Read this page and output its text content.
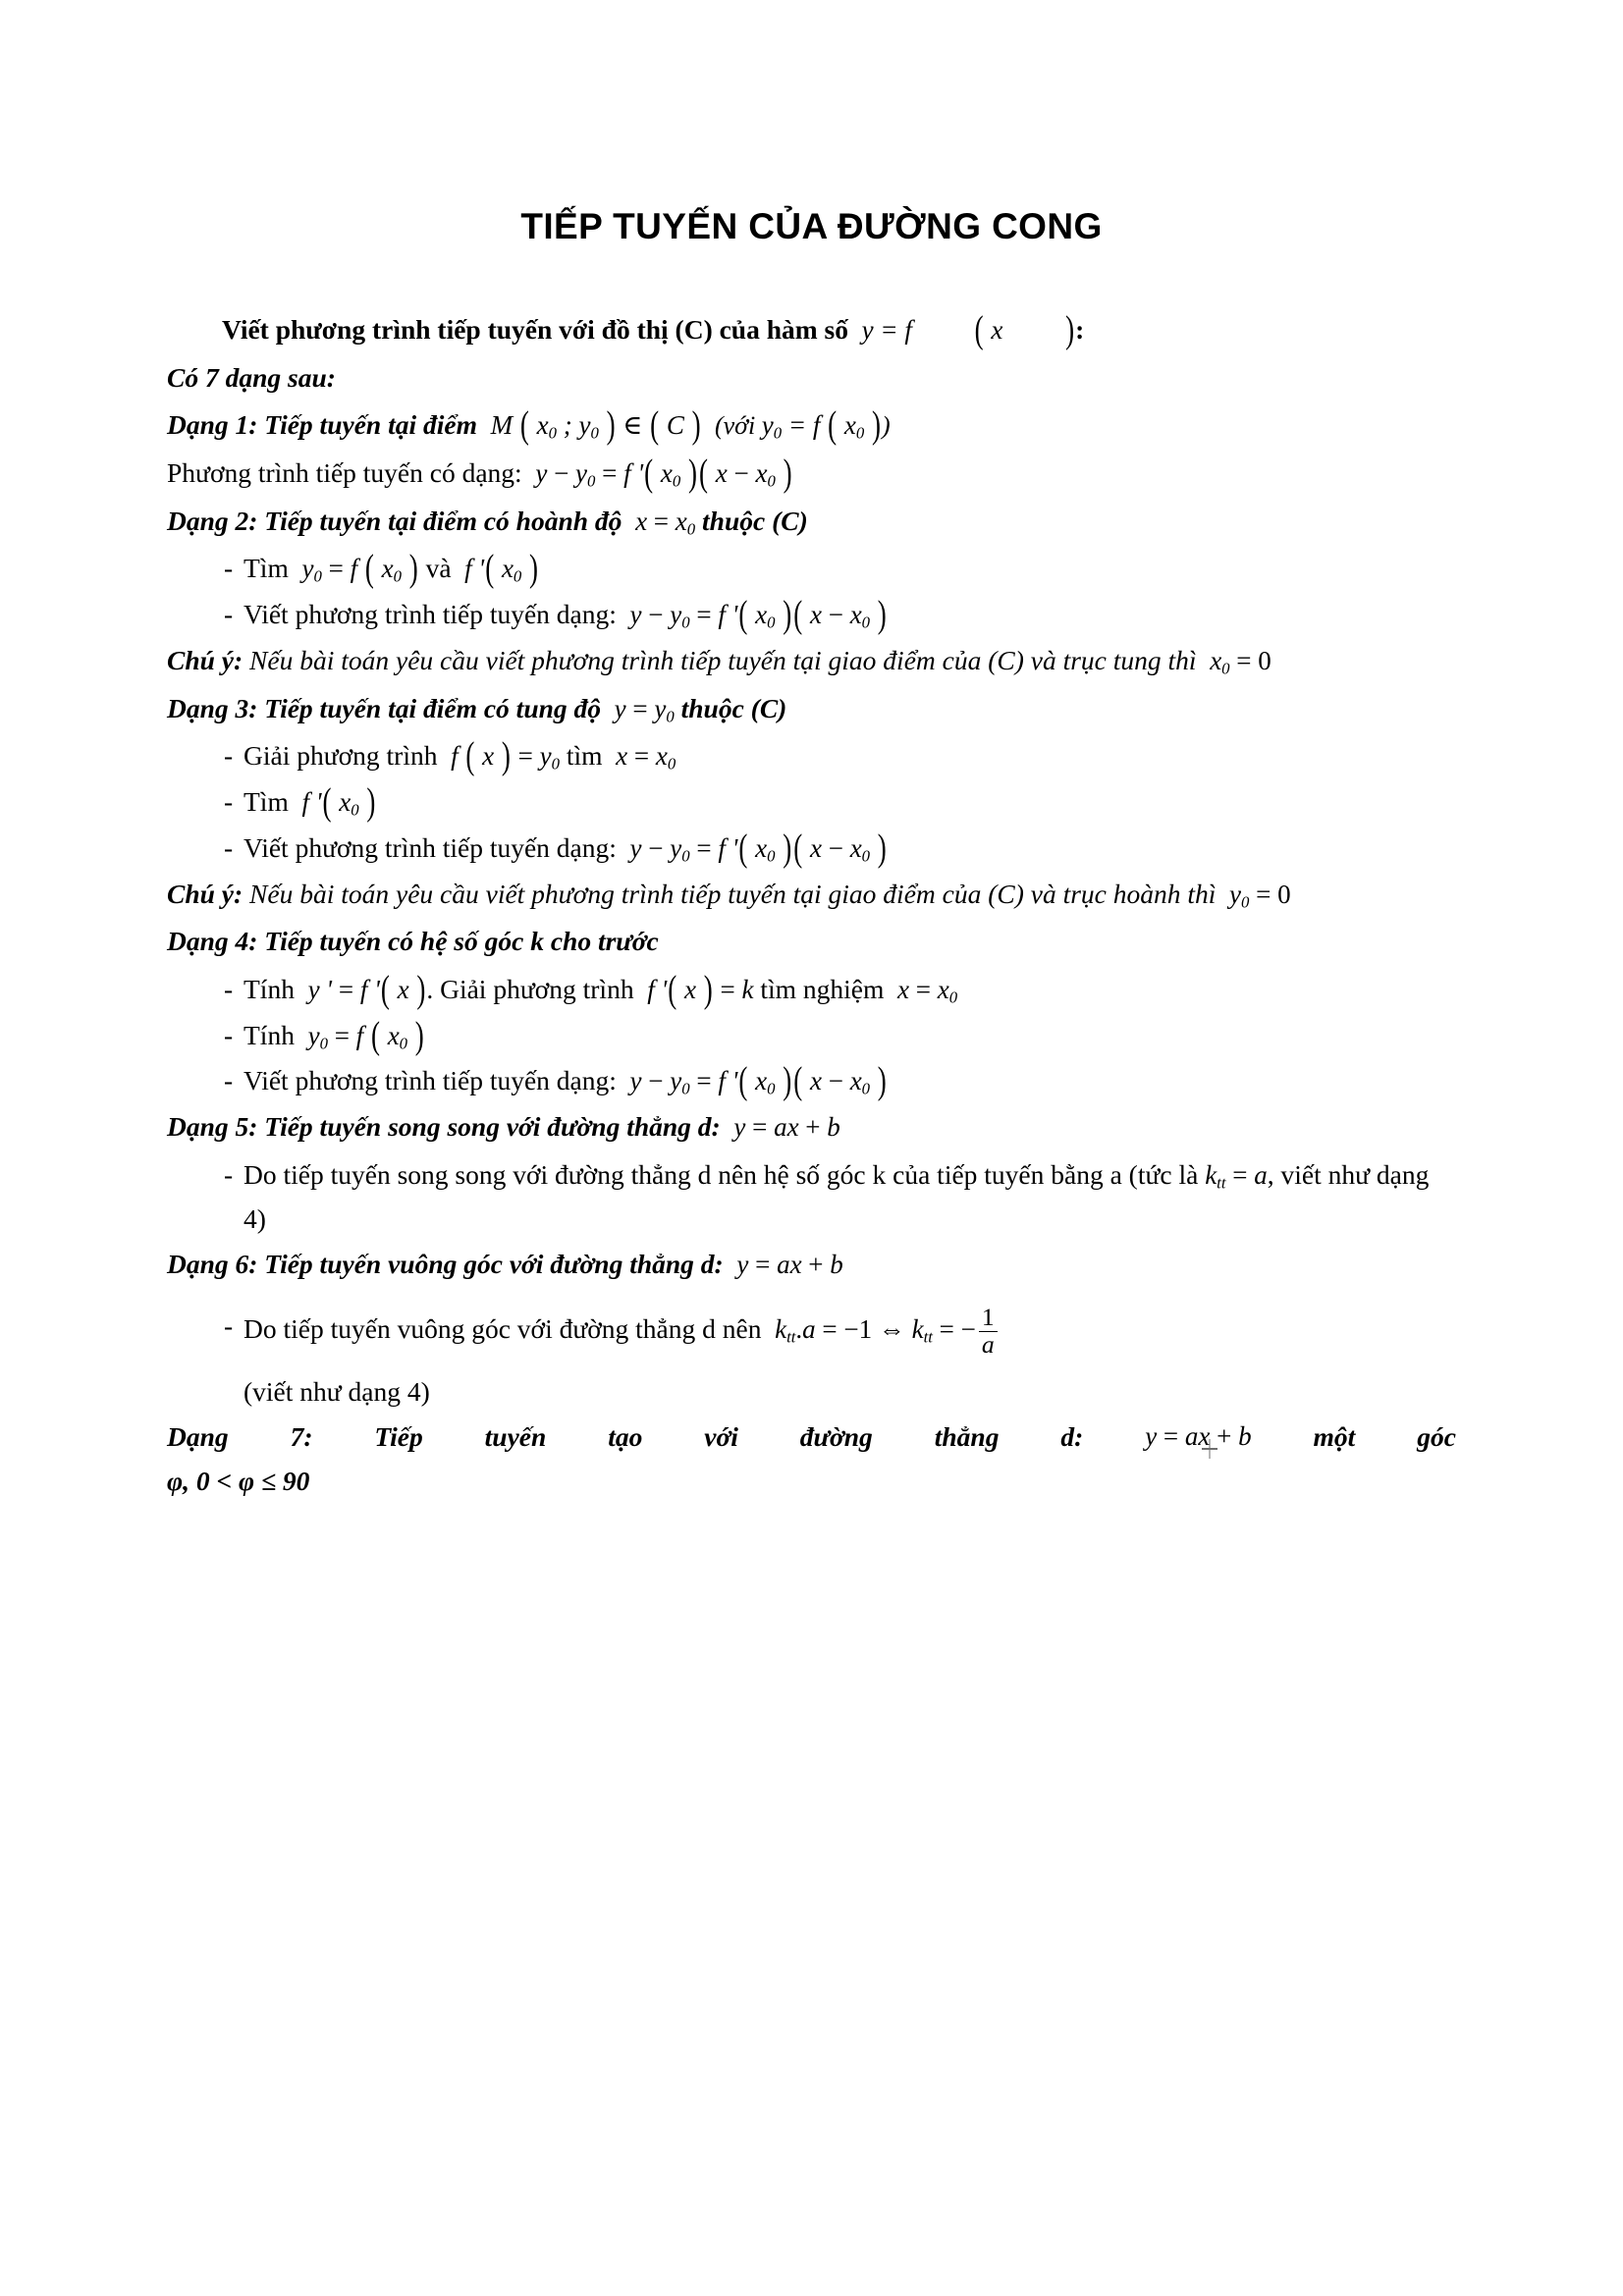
TIẾP TUYẾN CỦA ĐƯỜNG CONG

Viết phương trình tiếp tuyến với đồ thị (C) của hàm số  y = f ( x ):

Có 7 dạng sau:

Dạng 1: Tiếp tuyến tại điểm  M ( $x_0$ ; $y_0$ ) ∈ ( C )  (với $y_0 = f$ ( $x_0$ ))

Phương trình tiếp tuyến có dạng:  $y - y_0 = f$ '( $x_0$ )( $x - x_0$ )

Dạng 2: Tiếp tuyến tại điểm có hoành độ  $x = x_0$ thuộc (C)

- Tìm  $y_0 = f$ ( $x_0$ ) và  f '( $x_0$ )
- Viết phương trình tiếp tuyến dạng:  $y - y_0 = f$ '( $x_0$ )( $x - x_0$ )

Chú ý: Nếu bài toán yêu cầu viết phương trình tiếp tuyến tại giao điểm của (C) và trục tung thì  $x_0 = 0$

Dạng 3: Tiếp tuyến tại điểm có tung độ  $y = y_0$ thuộc (C)

- Giải phương trình  f ( x ) = $y_0$ tìm  $x = x_0$
- Tìm  f '( $x_0$ )
- Viết phương trình tiếp tuyến dạng:  $y - y_0 = f$ '( $x_0$ )( $x - x_0$ )

Chú ý: Nếu bài toán yêu cầu viết phương trình tiếp tuyến tại giao điểm của (C) và trục hoành thì  $y_0 = 0$

Dạng 4: Tiếp tuyến có hệ số góc k cho trước

- Tính  y ' = f '( x ). Giải phương trình  f '( x ) = k tìm nghiệm  $x = x_0$
- Tính  $y_0 = f$ ( $x_0$ )
- Viết phương trình tiếp tuyến dạng:  $y - y_0 = f$ '( $x_0$ )( $x - x_0$ )

Dạng 5: Tiếp tuyến song song với đường thẳng d:  y = ax + b

- Do tiếp tuyến song song với đường thẳng d nên hệ số góc k của tiếp tuyến bằng a (tức là $k_{tt} = a$, viết như dạng 4)

Dạng 6: Tiếp tuyến vuông góc với đường thẳng d:  y = ax + b

- Do tiếp tuyến vuông góc với đường thẳng d nên  $k_{tt}.a = -1$ ⇔ $k_{tt}$ = − $\frac{1}{a}$
(viết như dạng 4)
Dạng 7: Tiếp tuyến tạo với đường thẳng d: y = ax + b một góc
φ, 0 < φ ≤ 90
